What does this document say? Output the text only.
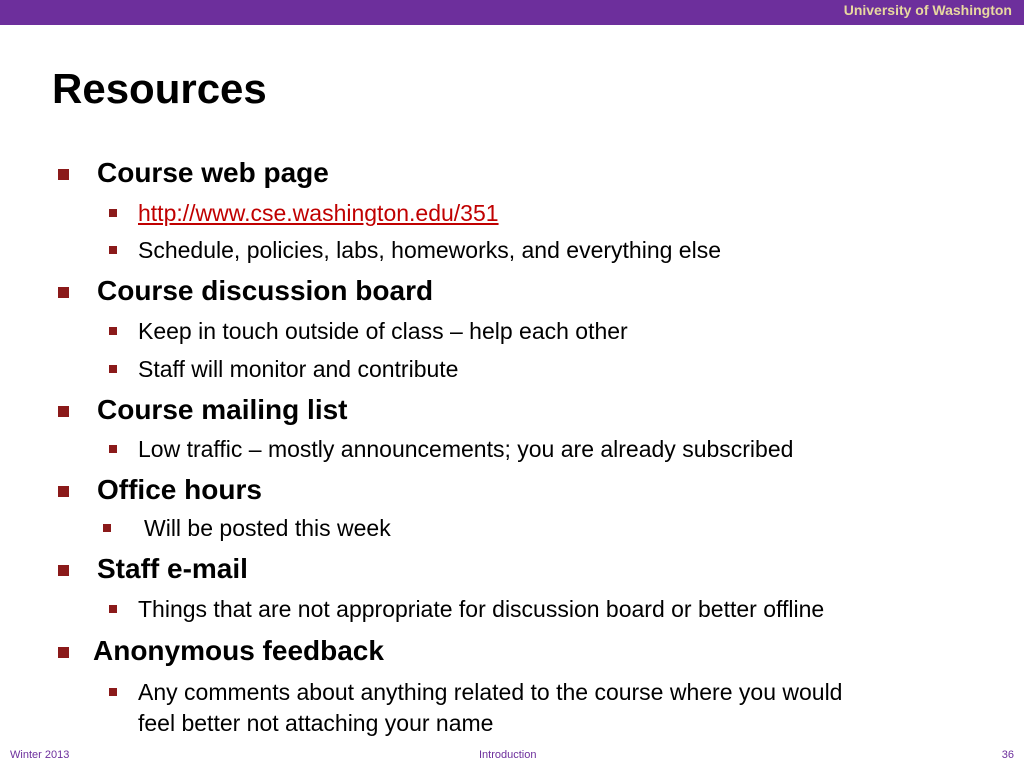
University of Washington
Resources
Course web page
http://www.cse.washington.edu/351
Schedule, policies, labs, homeworks, and everything else
Course discussion board
Keep in touch outside of class – help each other
Staff will monitor and contribute
Course mailing list
Low traffic – mostly announcements; you are already subscribed
Office hours
Will be posted this week
Staff e-mail
Things that are not appropriate for discussion board or better offline
Anonymous feedback
Any comments about anything related to the course where you would
feel better not attaching your name
Winter 2013	Introduction	36
